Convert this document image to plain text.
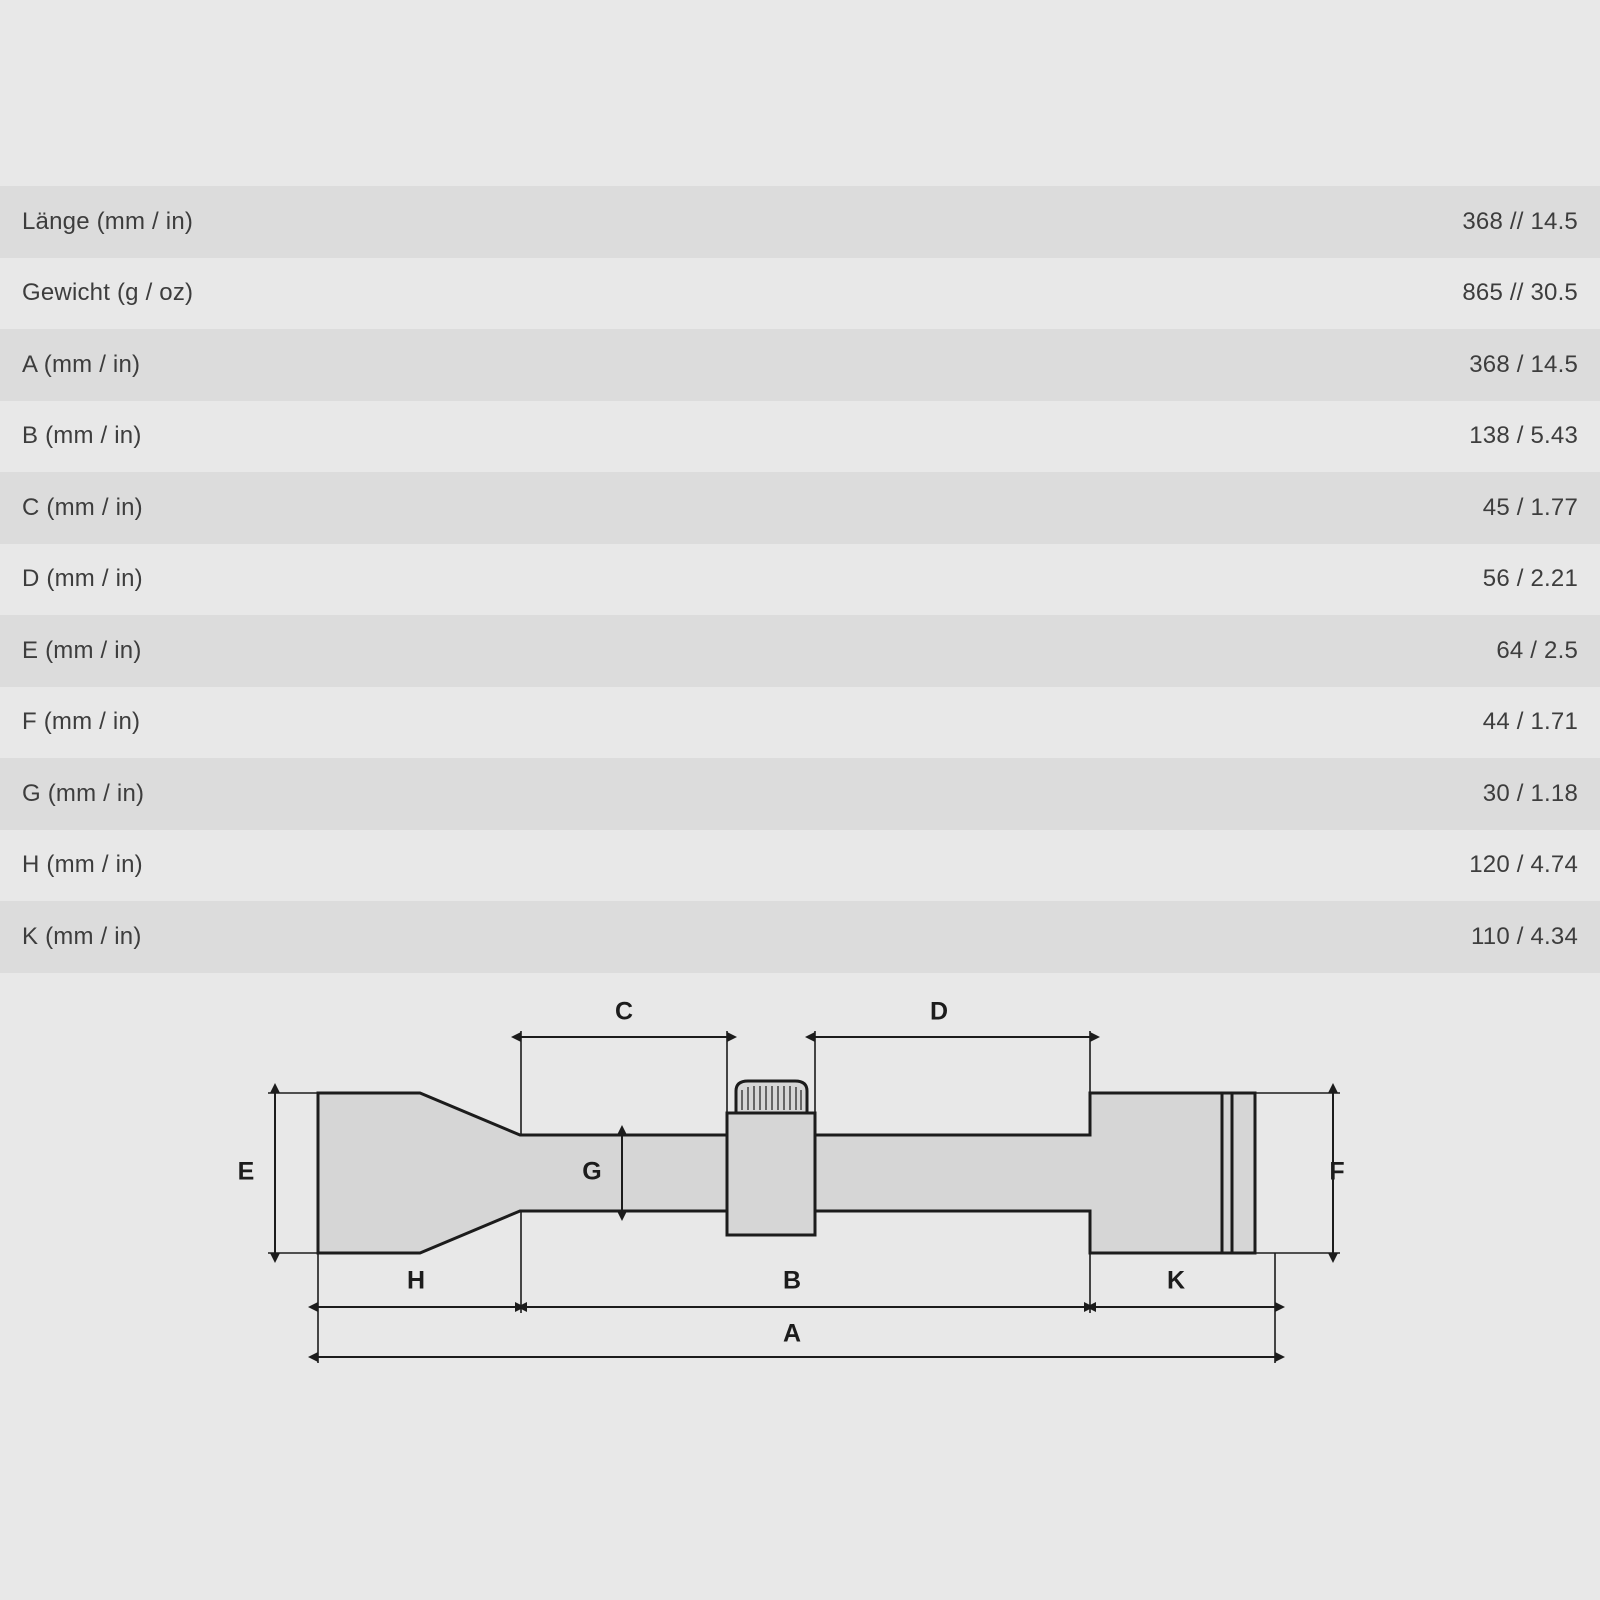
Länge (mm / in)	368 // 14.5
Gewicht (g / oz)	865 // 30.5
A (mm / in)	368 / 14.5
B (mm / in)	138 / 5.43
C (mm / in)	45 / 1.77
D (mm / in)	56 / 2.21
E (mm / in)	64 / 2.5
F (mm / in)	44 / 1.71
G (mm / in)	30 / 1.18
H (mm / in)	120 / 4.74
K (mm / in)	110 / 4.34
C	D
E	F
G
H	B	K
A
